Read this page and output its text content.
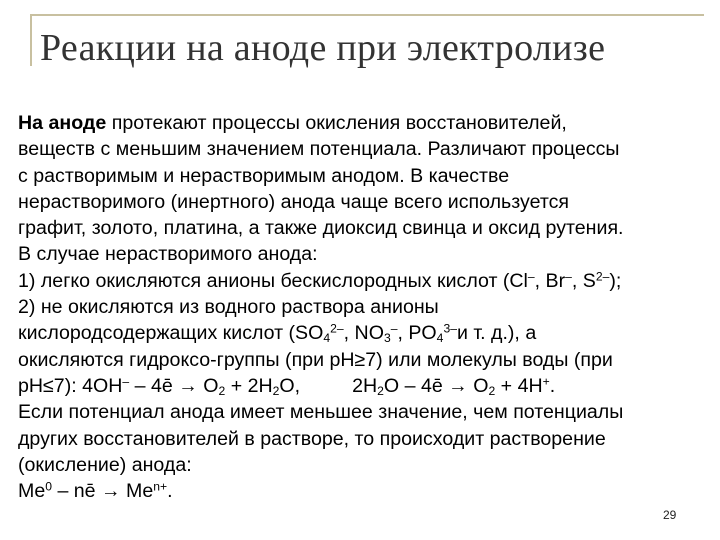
Реакции на аноде при электролизе
На аноде протекают процессы окисления восстановителей,
веществ с меньшим значением потенциала. Различают процессы
с растворимым и нерастворимым анодом. В качестве
нерастворимого (инертного) анода чаще всего используется
графит, золото, платина, а также диоксид свинца и оксид рутения.
В случае нерастворимого анода:
1) легко окисляются анионы бескислородных кислот (Cl–, Br–, $S^{2-}$);
2) не окисляются из водного раствора анионы
кислородсодержащих кислот ($SO_4^{2-}$, $NO_3^-$, $PO_4^{3-}и$ т. д.), а
окисляются гидроксо-группы (при pH≥7) или молекулы воды (при
pH≤7): 4OH– – 4ē → $O_2 + 2H_2O$,	$2H_2O$ – 4ē → $O_2 + 4H^+$.
Если потенциал анода имеет меньшее значение, чем потенциалы
других восстановителей в растворе, то происходит растворение
(окисление) анода:
Me$^0$ – nē → $Me^{n+}$.
29
